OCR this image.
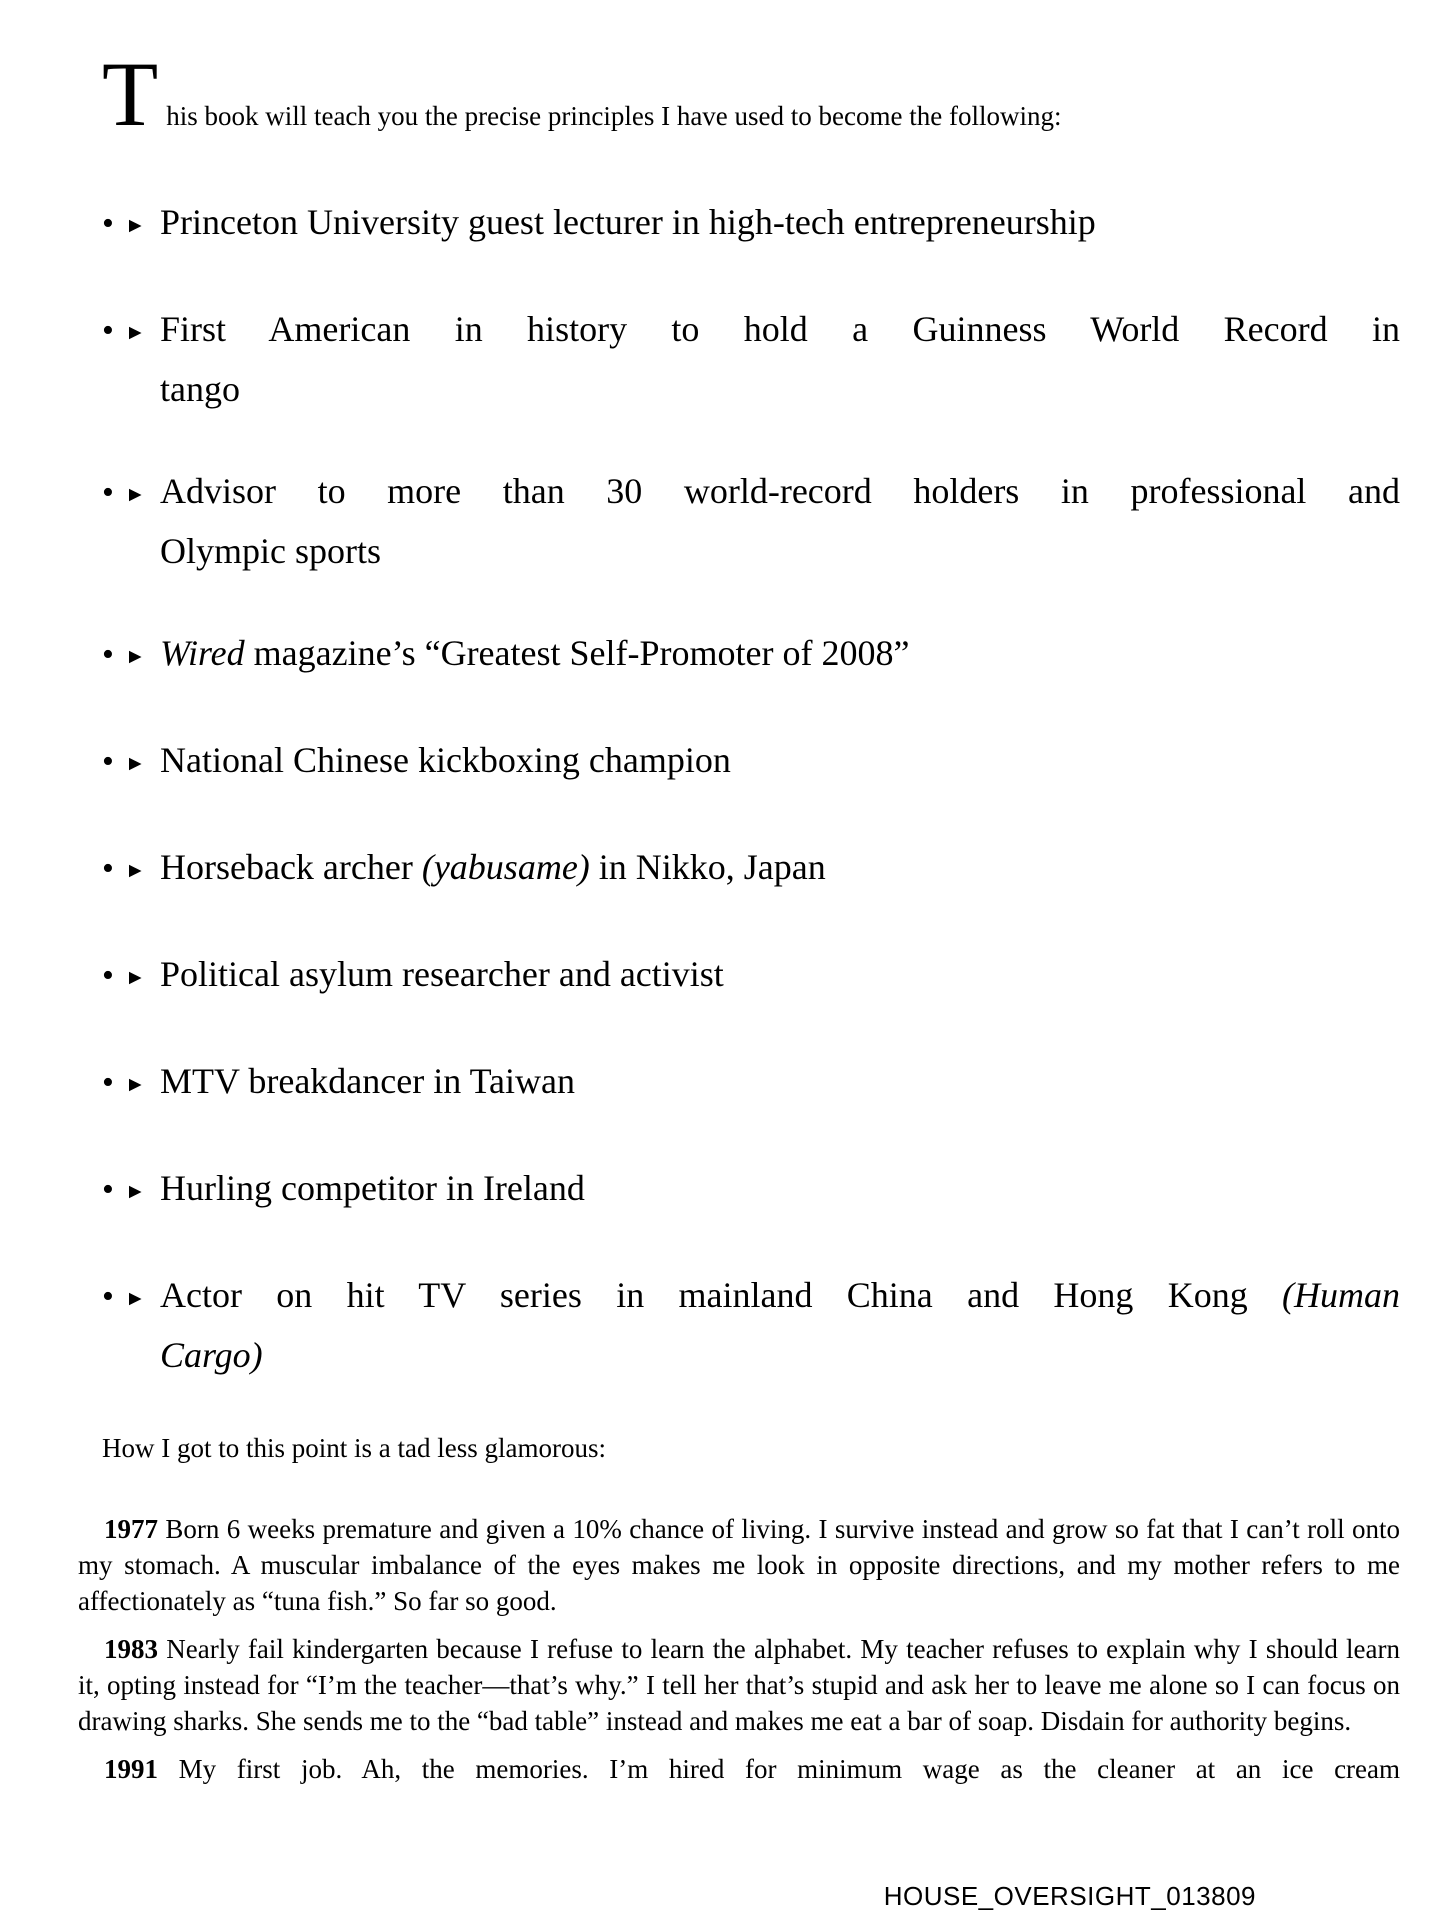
T his book will teach you the precise principles I have used to become the following:
• ► Princeton University guest lecturer in high-tech entrepreneurship
• ► First American in history to hold a Guinness World Record in
tango
• ► Advisor to more than 30 world-record holders in professional and
Olympic sports
• ► Wired magazine’s “Greatest Self-Promoter of 2008”
• ► National Chinese kickboxing champion
• ► Horseback archer (yabusame) in Nikko, Japan
• ► Political asylum researcher and activist
• ► MTV breakdancer in Taiwan
• ► Hurling competitor in Ireland
• ► Actor on hit TV series in mainland China and Hong Kong (Human
Cargo)

How I got to this point is a tad less glamorous:

1977 Born 6 weeks premature and given a 10% chance of living. I survive instead and grow so fat that I can’t roll onto my stomach. A muscular imbalance of the eyes makes me look in opposite directions, and my mother refers to me affectionately as “tuna fish.” So far so good.

1983 Nearly fail kindergarten because I refuse to learn the alphabet. My teacher refuses to explain why I should learn it, opting instead for “I’m the teacher—that’s why.” I tell her that’s stupid and ask her to leave me alone so I can focus on drawing sharks. She sends me to the “bad table” instead and makes me eat a bar of soap. Disdain for authority begins.

1991 My first job. Ah, the memories. I’m hired for minimum wage as the cleaner at an ice cream

HOUSE_OVERSIGHT_013809
